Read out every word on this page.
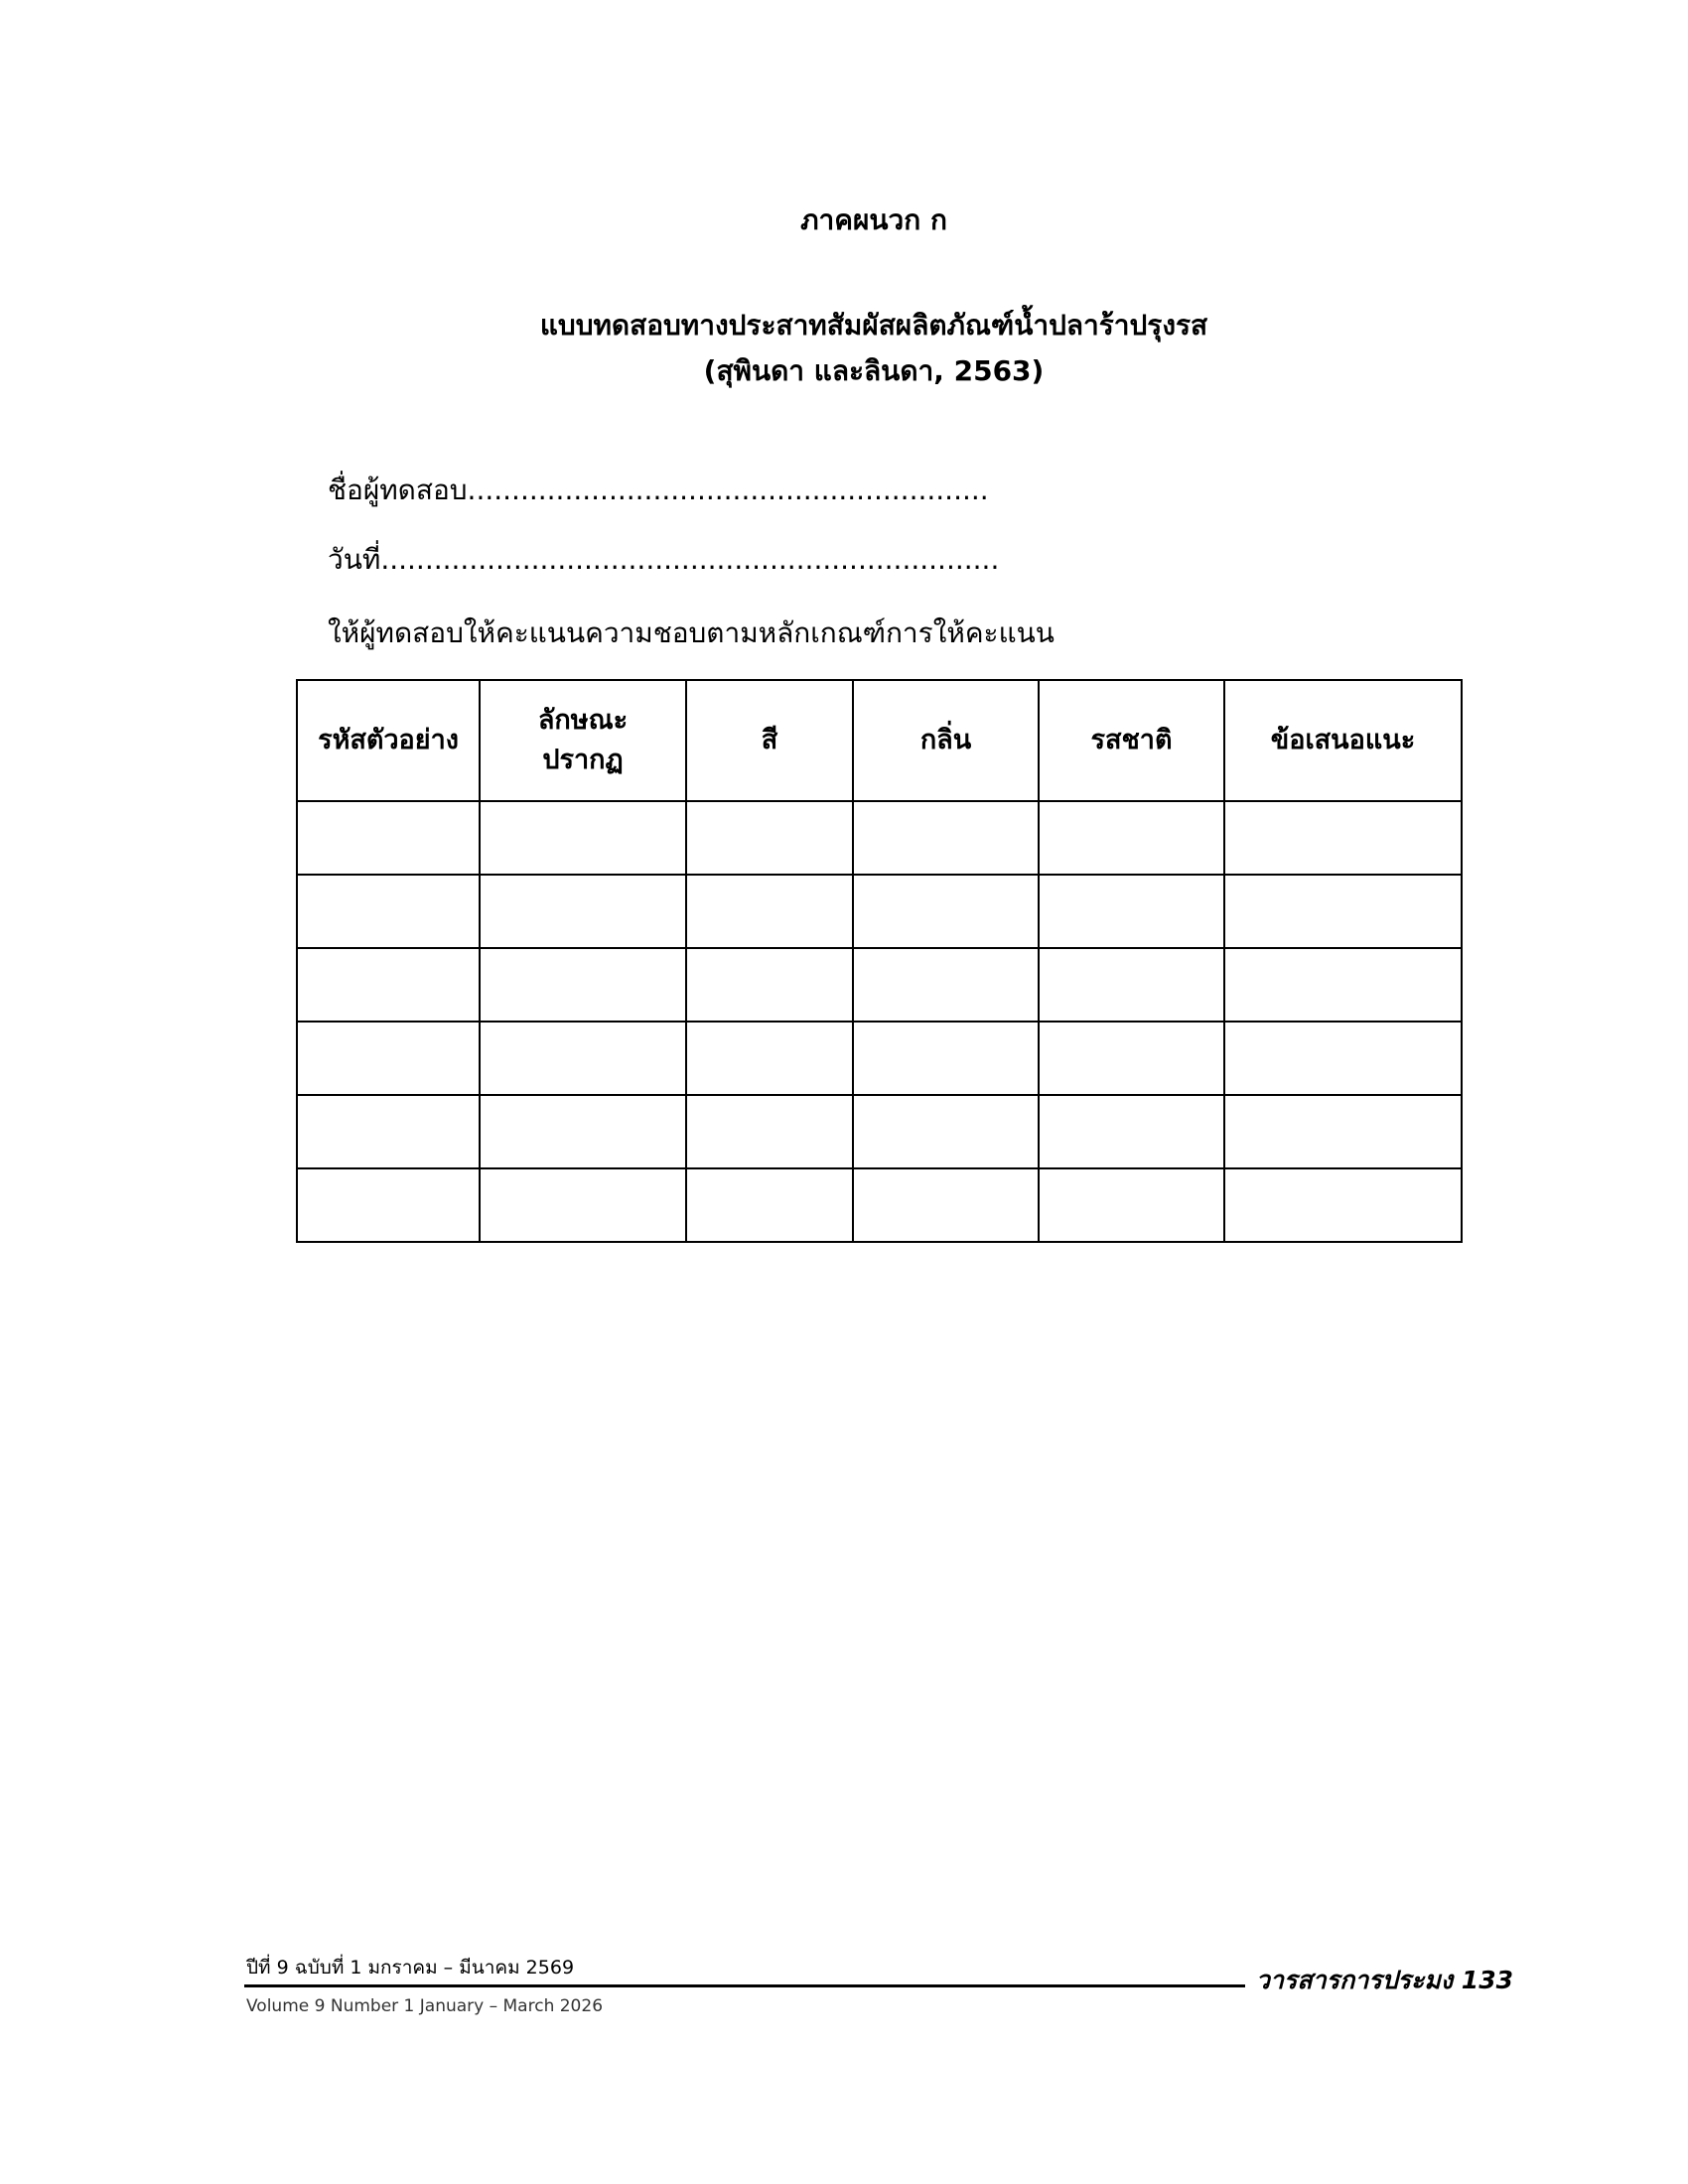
ภาคผนวก ก
แบบทดสอบทางประสาทสัมผัสผลิตภัณฑ์น้ำปลาร้าปรุงรส
(สุพินดา และลินดา, 2563)
ชื่อผู้ทดสอบ...........................................................
วันที่......................................................................
ให้ผู้ทดสอบให้คะแนนความชอบตามหลักเกณฑ์การให้คะแนน
รหัสตัวอย่าง	ลักษณะ
ปรากฏ	สี	กลิ่น	รสชาติ	ข้อเสนอแนะ

ปีที่ 9 ฉบับที่ 1 มกราคม – มีนาคม 2569
Volume 9 Number 1 January – March 2026
วารสารการประมง 133
